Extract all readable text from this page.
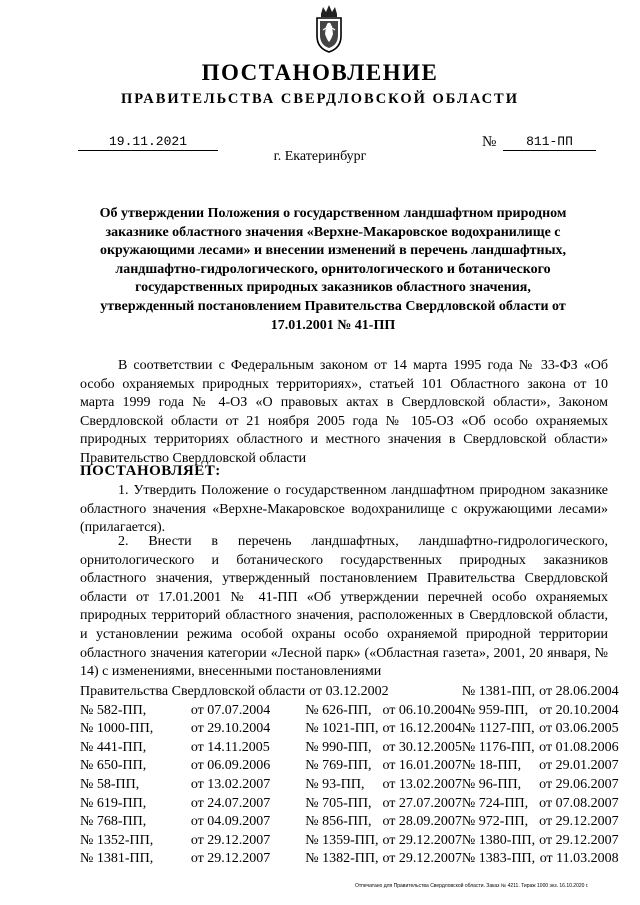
ПОСТАНОВЛЕНИЕ
ПРАВИТЕЛЬСТВА СВЕРДЛОВСКОЙ ОБЛАСТИ
19.11.2021	№	811-ПП
г. Екатеринбург
Об утверждении Положения о государственном ландшафтном природном заказнике областного значения «Верхне-Макаровское водохранилище с окружающими лесами» и внесении изменений в перечень ландшафтных, ландшафтно-гидрологического, орнитологического и ботанического государственных природных заказников областного значения, утвержденный постановлением Правительства Свердловской области от 17.01.2001 № 41-ПП
В соответствии с Федеральным законом от 14 марта 1995 года № 33-ФЗ «Об особо охраняемых природных территориях», статьей 101 Областного закона от 10 марта 1999 года № 4-ОЗ «О правовых актах в Свердловской области», Законом Свердловской области от 21 ноября 2005 года № 105-ОЗ «Об особо охраняемых природных территориях областного и местного значения в Свердловской области» Правительство Свердловской области
ПОСТАНОВЛЯЕТ:
1. Утвердить Положение о государственном ландшафтном природном заказнике областного значения «Верхне-Макаровское водохранилище с окружающими лесами» (прилагается).
2. Внести в перечень ландшафтных, ландшафтно-гидрологического, орнитологического и ботанического государственных природных заказников областного значения, утвержденный постановлением Правительства Свердловской области от 17.01.2001 № 41-ПП «Об утверждении перечней особо охраняемых природных территорий областного значения, расположенных в Свердловской области, и установлении режима особой охраны особо охраняемой природной территории областного значения категории «Лесной парк» («Областная газета», 2001, 20 января, № 14) с изменениями, внесенными постановлениями
Правительства Свердловской области		от 03.12.2002		№ 1381-ПП,	от 28.06.2004
№ 582-ПП,	от 07.07.2004	№ 626-ПП,	от 06.10.2004	№ 959-ПП,	от 20.10.2004
№ 1000-ПП,	от 29.10.2004	№ 1021-ПП,	от 16.12.2004	№ 1127-ПП,	от 03.06.2005
№ 441-ПП,	от 14.11.2005	№ 990-ПП,	от 30.12.2005	№ 1176-ПП,	от 01.08.2006
№ 650-ПП,	от 06.09.2006	№ 769-ПП,	от 16.01.2007	№ 18-ПП,	от 29.01.2007
№ 58-ПП,	от 13.02.2007	№ 93-ПП,	от 13.02.2007	№ 96-ПП,	от 29.06.2007
№ 619-ПП,	от 24.07.2007	№ 705-ПП,	от 27.07.2007	№ 724-ПП,	от 07.08.2007
№ 768-ПП,	от 04.09.2007	№ 856-ПП,	от 28.09.2007	№ 972-ПП,	от 29.12.2007
№ 1352-ПП,	от 29.12.2007	№ 1359-ПП,	от 29.12.2007	№ 1380-ПП,	от 29.12.2007
№ 1381-ПП,	от 29.12.2007	№ 1382-ПП,	от 29.12.2007	№ 1383-ПП,	от 11.03.2008
Отпечатано для Правительства Свердловской области. Заказ № 4211. Тираж 1000 экз. 16.10.2020 г.
